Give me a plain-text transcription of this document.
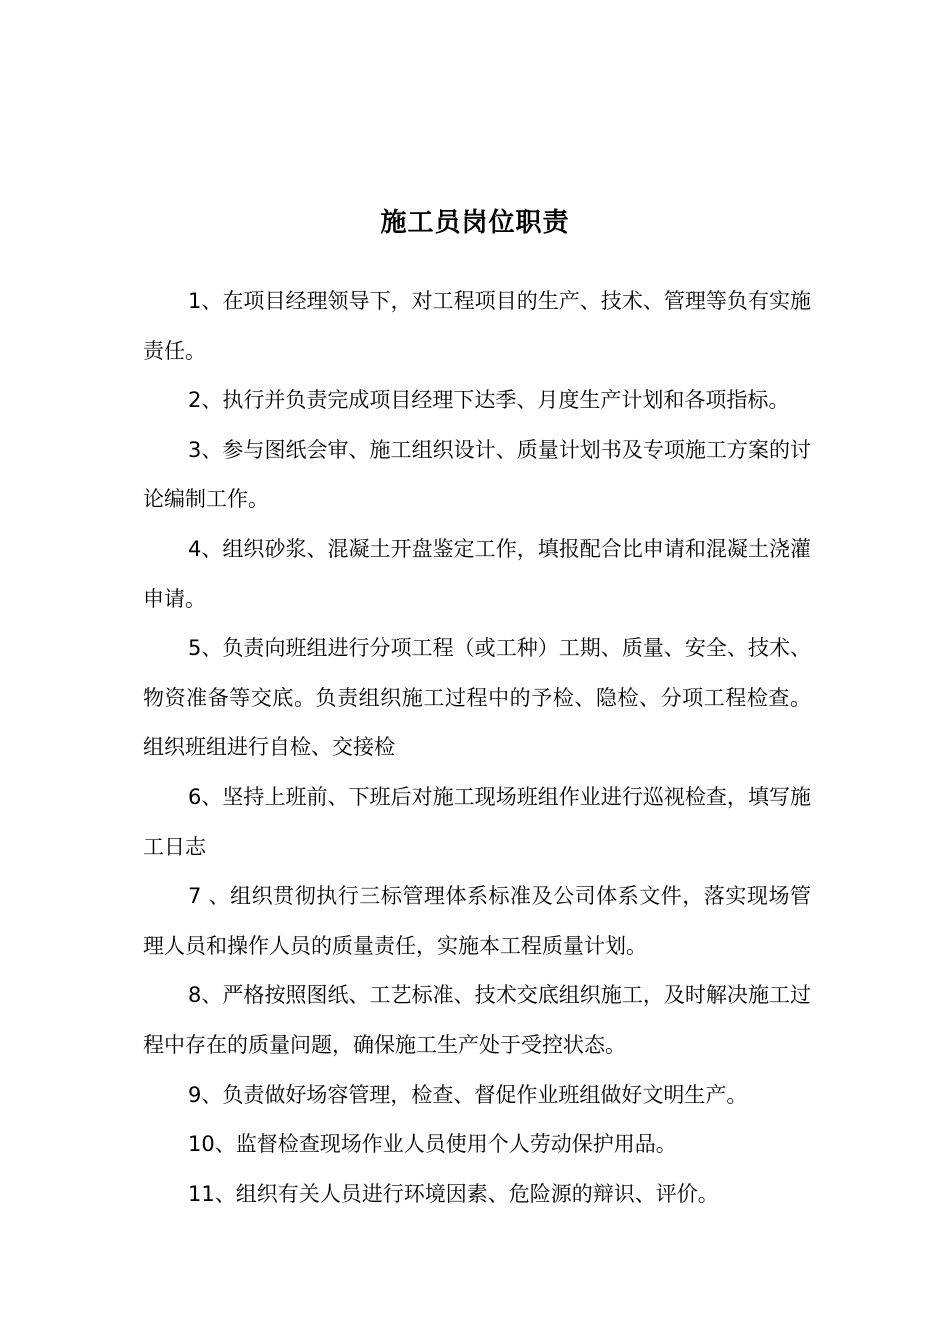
施工员岗位职责

1、在项目经理领导下，对工程项目的生产、技术、管理等负有实施责任。

2、执行并负责完成项目经理下达季、月度生产计划和各项指标。

3、参与图纸会审、施工组织设计、质量计划书及专项施工方案的讨论编制工作。

4、组织砂浆、混凝土开盘鉴定工作，填报配合比申请和混凝土浇灌申请。

5、负责向班组进行分项工程（或工种）工期、质量、安全、技术、物资准备等交底。负责组织施工过程中的予检、隐检、分项工程检查。组织班组进行自检、交接检

6、坚持上班前、下班后对施工现场班组作业进行巡视检查，填写施工日志

7 、组织贯彻执行三标管理体系标准及公司体系文件，落实现场管理人员和操作人员的质量责任，实施本工程质量计划。

8、严格按照图纸、工艺标准、技术交底组织施工，及时解决施工过程中存在的质量问题，确保施工生产处于受控状态。

9、负责做好场容管理，检查、督促作业班组做好文明生产。

10、监督检查现场作业人员使用个人劳动保护用品。

11、组织有关人员进行环境因素、危险源的辩识、评价。
